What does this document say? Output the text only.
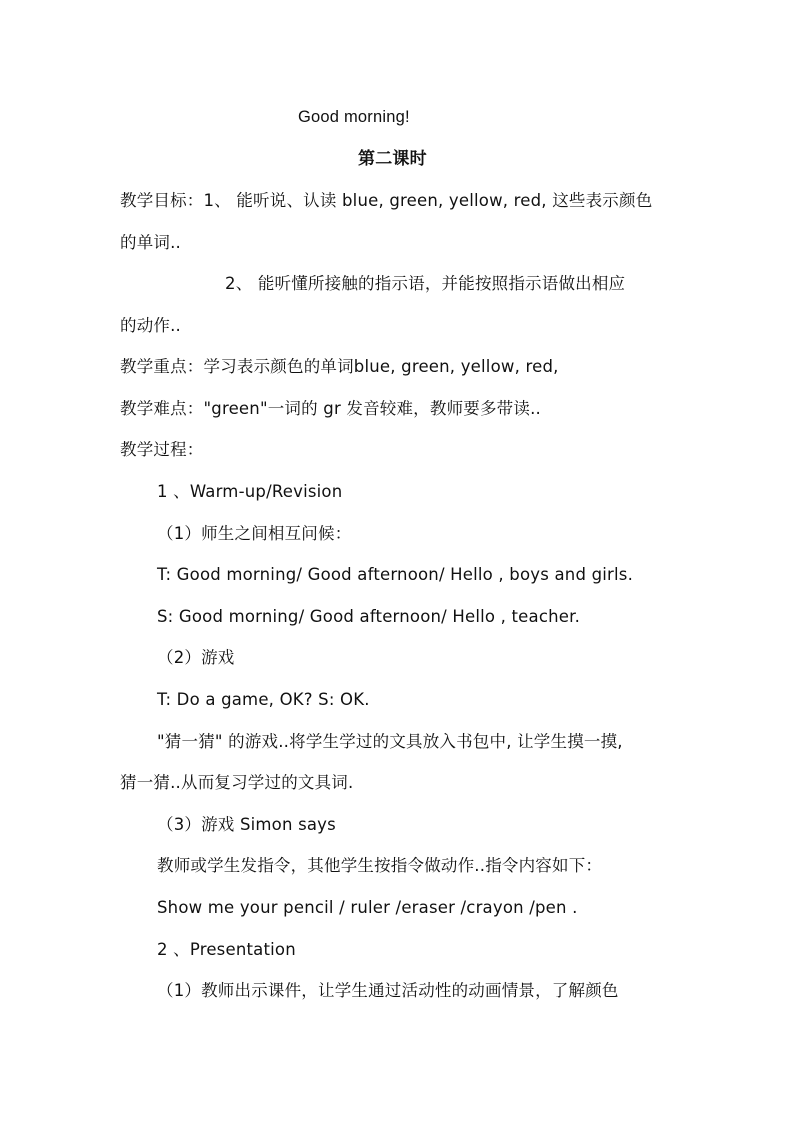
Good morning!
第二课时
教学目标：1、 能听说、认读 blue, green, yellow, red, 这些表示颜色
的单词..
2、 能听懂所接触的指示语，并能按照指示语做出相应
的动作..
教学重点：学习表示颜色的单词blue, green, yellow, red,
教学难点："green"一词的 gr 发音较难，教师要多带读..
教学过程：
1 、Warm-up/Revision
（1）师生之间相互问候：
T: Good morning/ Good afternoon/ Hello , boys and girls.
S: Good morning/ Good afternoon/ Hello , teacher.
（2）游戏
T: Do a game, OK? S: OK.
"猜一猜" 的游戏..将学生学过的文具放入书包中, 让学生摸一摸,
猜一猜..从而复习学过的文具词.
（3）游戏 Simon says
教师或学生发指令，其他学生按指令做动作..指令内容如下：
Show me your pencil / ruler /eraser /crayon /pen .
2 、Presentation
（1）教师出示课件，让学生通过活动性的动画情景，了解颜色
